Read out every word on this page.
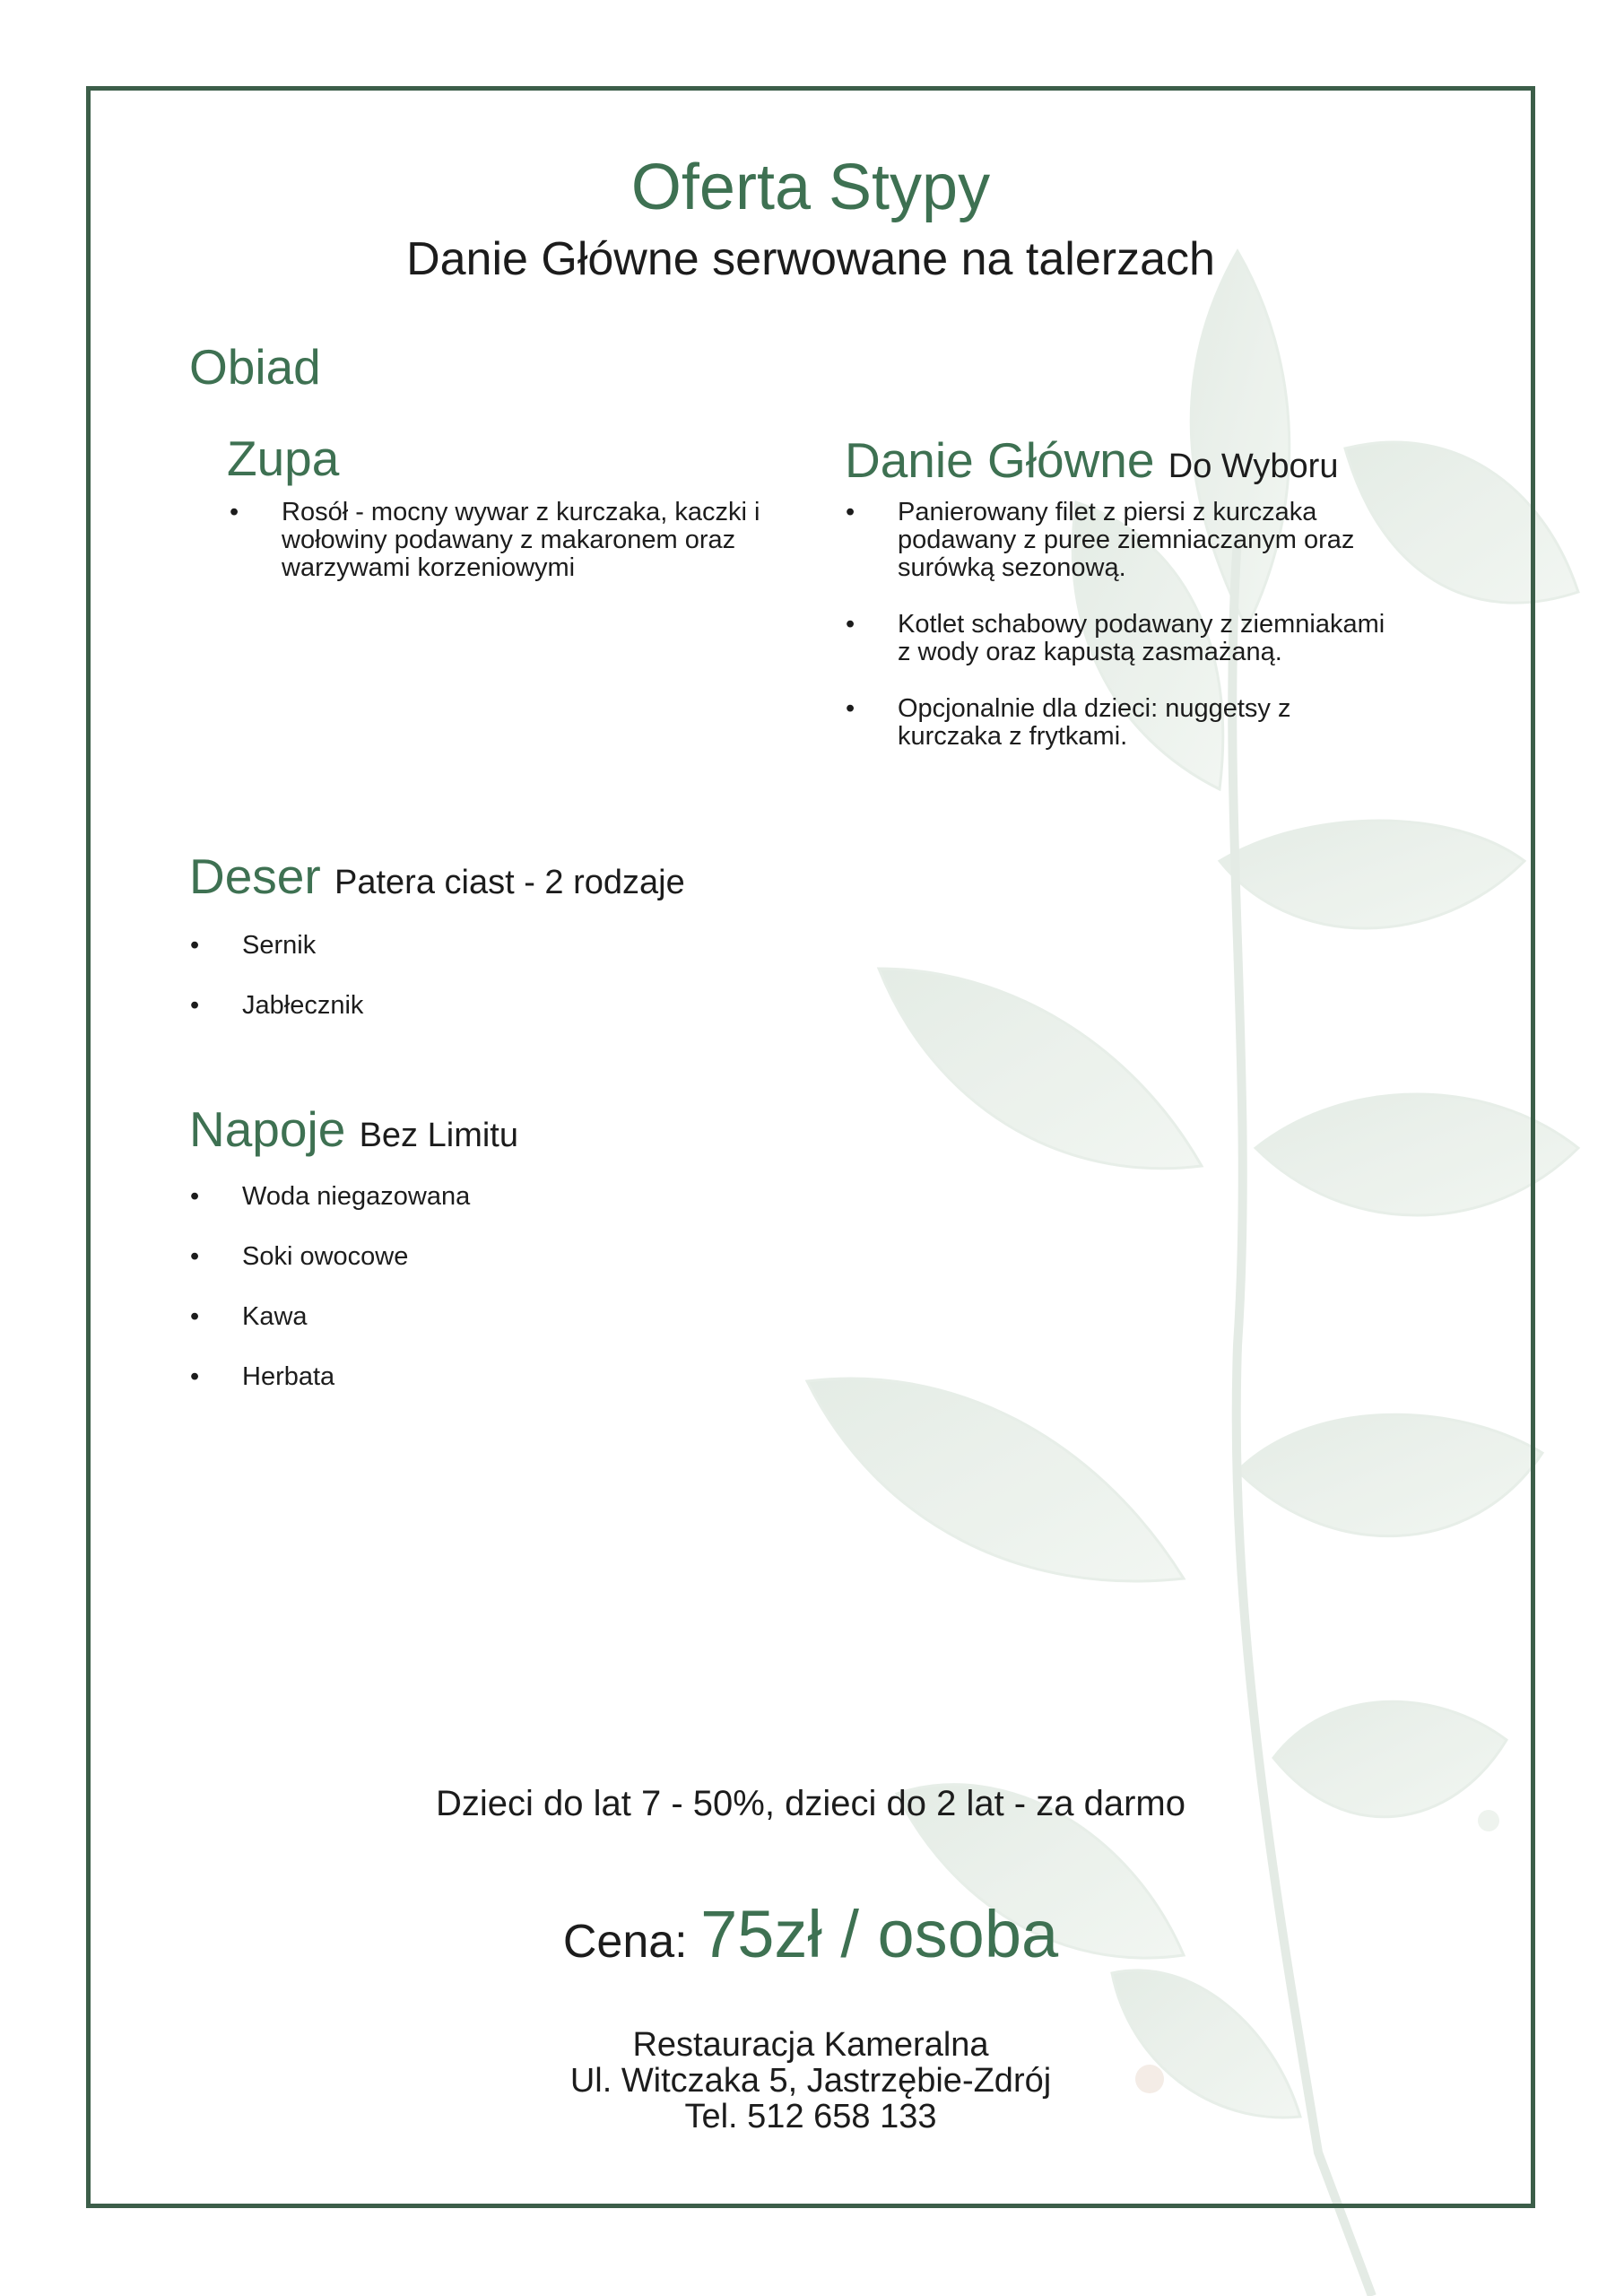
Oferta Stypy
Danie Główne serwowane na talerzach
Obiad
Zupa
• Rosół - mocny wywar z kurczaka, kaczki i wołowiny podawany z makaronem oraz warzywami korzeniowymi
Danie Główne Do Wyboru
• Panierowany filet z piersi z kurczaka podawany z puree ziemniaczanym oraz surówką sezonową.
• Kotlet schabowy podawany z ziemniakami z wody oraz kapustą zasmażaną.
• Opcjonalnie dla dzieci: nuggetsy z kurczaka z frytkami.
Deser Patera ciast - 2 rodzaje
• Sernik
• Jabłecznik
Napoje Bez Limitu
• Woda niegazowana
• Soki owocowe
• Kawa
• Herbata
Dzieci do lat 7 - 50%, dzieci do 2 lat - za darmo
Cena: 75zł / osoba
Restauracja Kameralna
Ul. Witczaka 5, Jastrzębie-Zdrój
Tel. 512 658 133
